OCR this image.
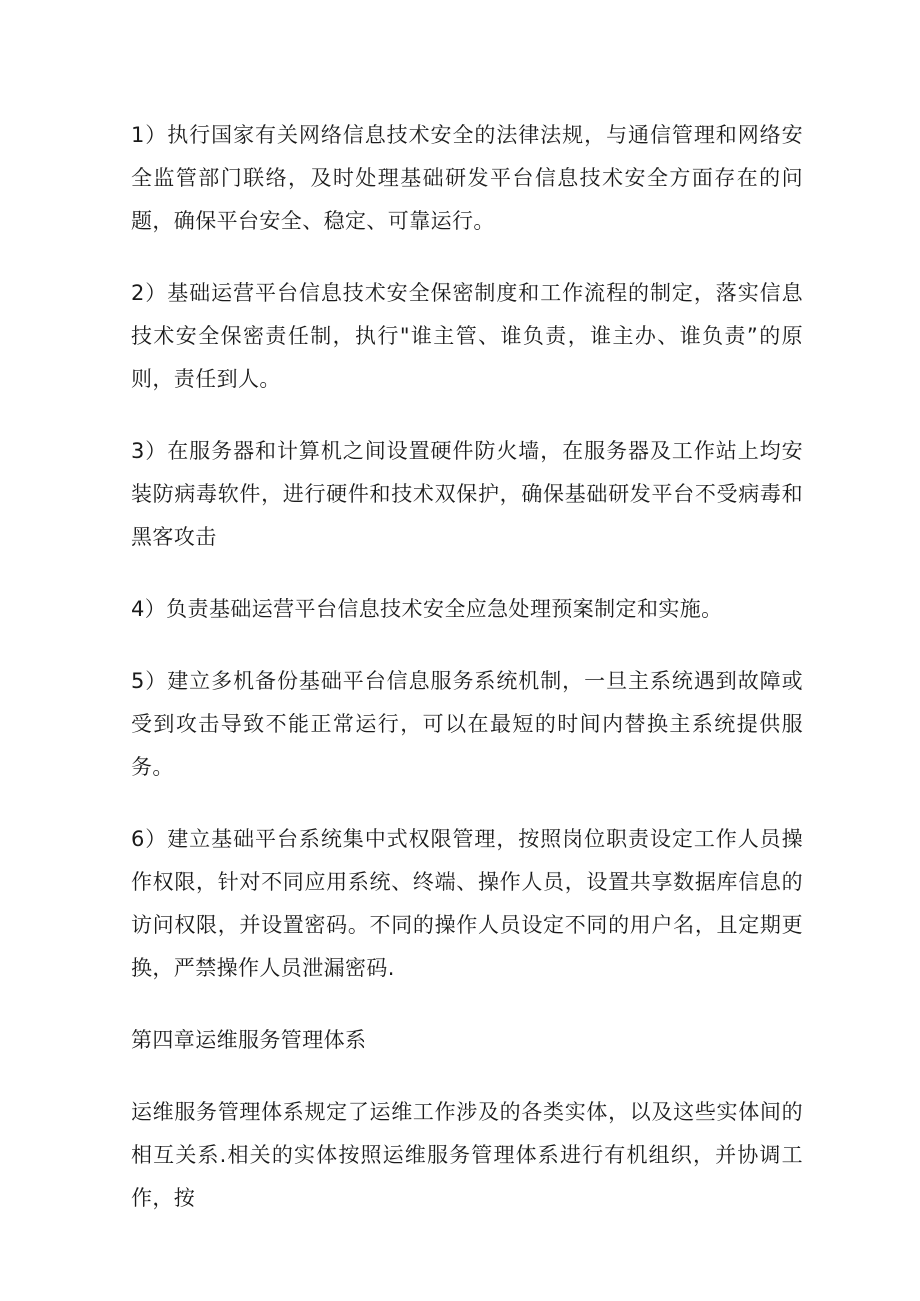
1）执行国家有关网络信息技术安全的法律法规，与通信管理和网络安全监管部门联络，及时处理基础研发平台信息技术安全方面存在的问题，确保平台安全、稳定、可靠运行。

2）基础运营平台信息技术安全保密制度和工作流程的制定，落实信息技术安全保密责任制，执行"谁主管、谁负责，谁主办、谁负责”的原则，责任到人。

3）在服务器和计算机之间设置硬件防火墙，在服务器及工作站上均安装防病毒软件，进行硬件和技术双保护，确保基础研发平台不受病毒和黑客攻击

4）负责基础运营平台信息技术安全应急处理预案制定和实施。

5）建立多机备份基础平台信息服务系统机制，一旦主系统遇到故障或受到攻击导致不能正常运行，可以在最短的时间内替换主系统提供服务。

6）建立基础平台系统集中式权限管理，按照岗位职责设定工作人员操作权限，针对不同应用系统、终端、操作人员，设置共享数据库信息的访问权限，并设置密码。不同的操作人员设定不同的用户名，且定期更换，严禁操作人员泄漏密码.

第四章运维服务管理体系

运维服务管理体系规定了运维工作涉及的各类实体，以及这些实体间的相互关系.相关的实体按照运维服务管理体系进行有机组织，并协调工作，按
